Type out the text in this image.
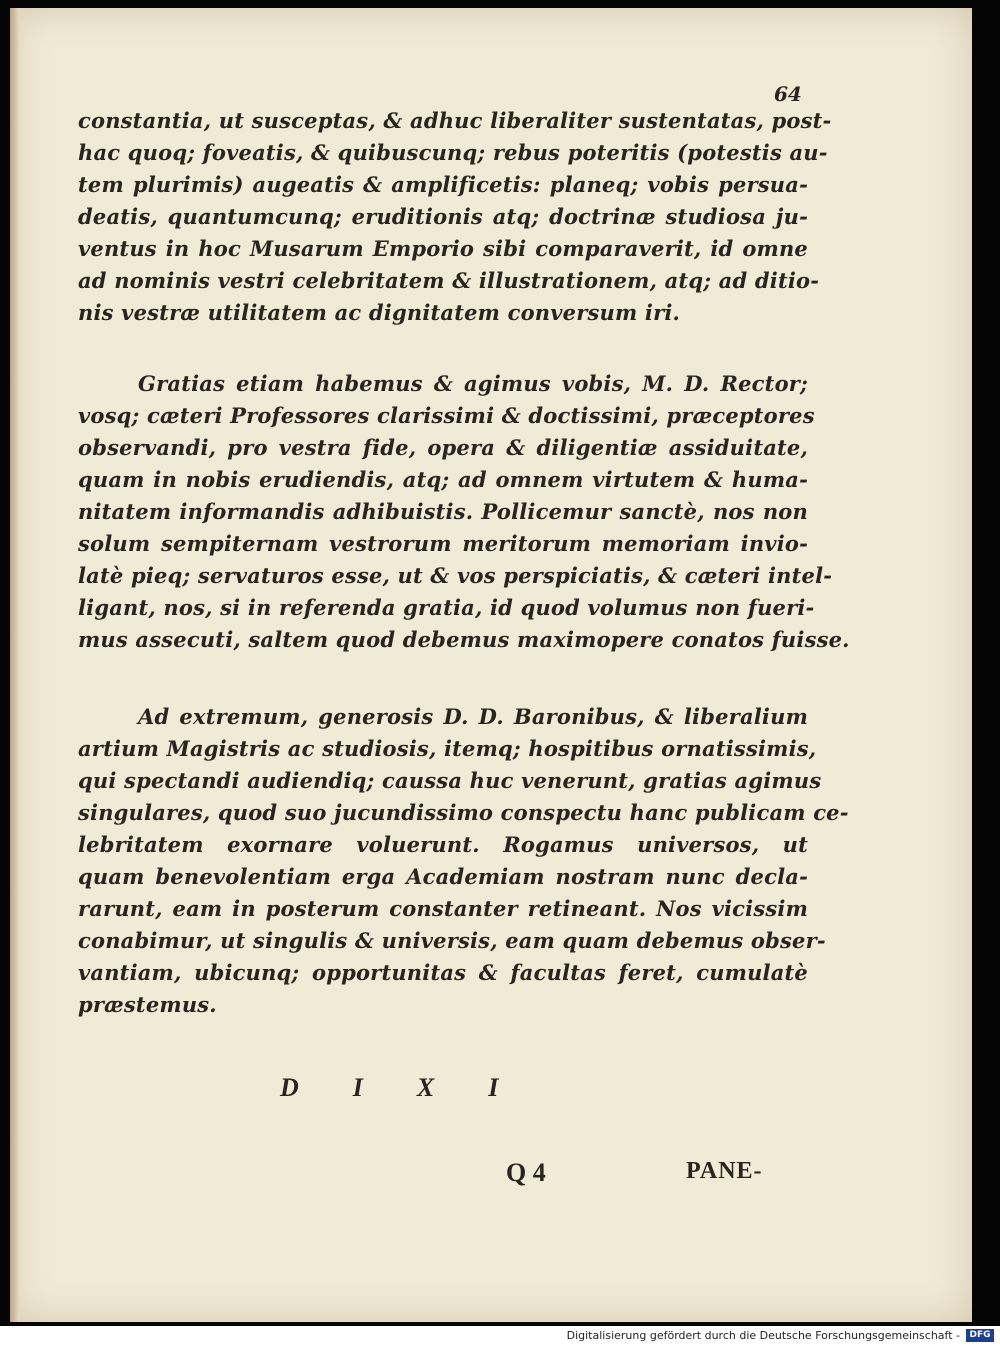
64
constantia, ut susceptas, & adhuc liberaliter sustentatas, post-
hac quoq; foveatis, & quibuscunq; rebus poteritis (potestis au-
tem plurimis) augeatis & amplificetis: planeq; vobis persua-
deatis, quantumcunq; eruditionis atq; doctrinæ studiosa ju-
ventus in hoc Musarum Emporio sibi comparaverit, id omne
ad nominis vestri celebritatem & illustrationem, atq; ad ditio-
nis vestræ utilitatem ac dignitatem conversum iri.
Gratias etiam habemus & agimus vobis, M. D. Rector;
vosq; cæteri Professores clarissimi & doctissimi, præceptores
observandi, pro vestra fide, opera & diligentiæ assiduitate,
quam in nobis erudiendis, atq; ad omnem virtutem & huma-
nitatem informandis adhibuistis. Pollicemur sanctè, nos non
solum sempiternam vestrorum meritorum memoriam invio-
latè pieq; servaturos esse, ut & vos perspiciatis, & cæteri intel-
ligant, nos, si in referenda gratia, id quod volumus non fueri-
mus assecuti, saltem quod debemus maximopere conatos fuisse.
Ad extremum, generosis D. D. Baronibus, & liberalium
artium Magistris ac studiosis, itemq; hospitibus ornatissimis,
qui spectandi audiendiq; caussa huc venerunt, gratias agimus
singulares, quod suo jucundissimo conspectu hanc publicam ce-
lebritatem exornare voluerunt. Rogamus universos, ut
quam benevolentiam erga Academiam nostram nunc decla-
rarunt, eam in posterum constanter retineant. Nos vicissim
conabimur, ut singulis & universis, eam quam debemus obser-
vantiam, ubicunq; opportunitas & facultas feret, cumulatè
præstemus.
DIXI
Q 4	PANE-
Digitalisierung gefördert durch die Deutsche Forschungsgemeinschaft -	DFG
